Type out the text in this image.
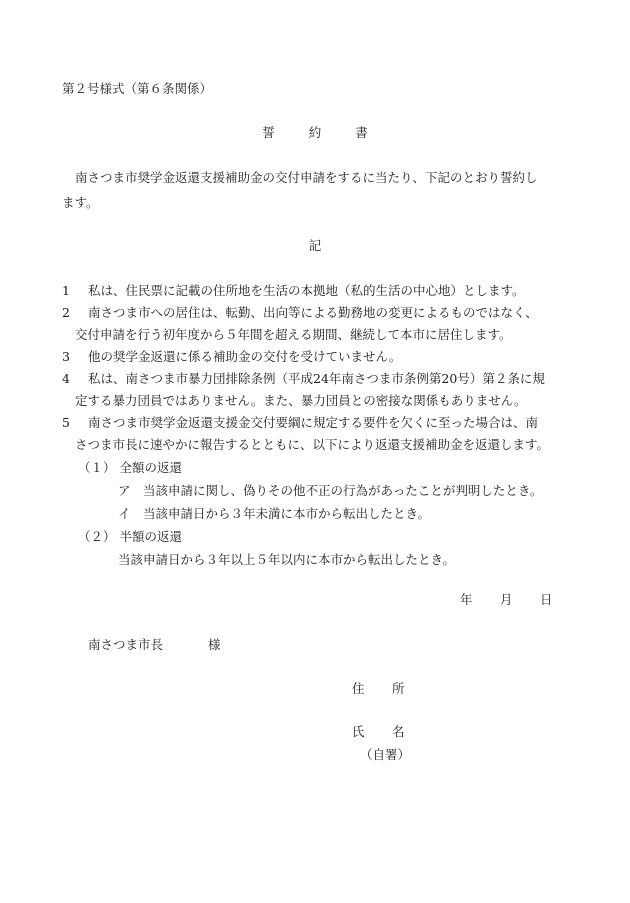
第２号様式（第６条関係）
誓 約 書
南さつま市奨学金返還支援補助金の交付申請をするに当たり、下記のとおり誓約し
ます。
記
1 私は、住民票に記載の住所地を生活の本拠地（私的生活の中心地）とします。
2 南さつま市への居住は、転勤、出向等による勤務地の変更によるものではなく、
交付申請を行う初年度から５年間を超える期間、継続して本市に居住します。
3 他の奨学金返還に係る補助金の交付を受けていません。
4 私は、南さつま市暴力団排除条例（平成24年南さつま市条例第20号）第２条に規
定する暴力団員ではありません。また、暴力団員との密接な関係もありません。
5 南さつま市奨学金返還支援金交付要綱に規定する要件を欠くに至った場合は、南
さつま市長に速やかに報告するとともに、以下により返還支援補助金を返還します。
（１） 全額の返還
ア　当該申請に関し、偽りその他不正の行為があったことが判明したとき。
イ　当該申請日から３年未満に本市から転出したとき。
（２） 半額の返還
当該申請日から３年以上５年以内に本市から転出したとき。
年 月 日
南さつま市長	様
住 所
氏 名
（自署）
